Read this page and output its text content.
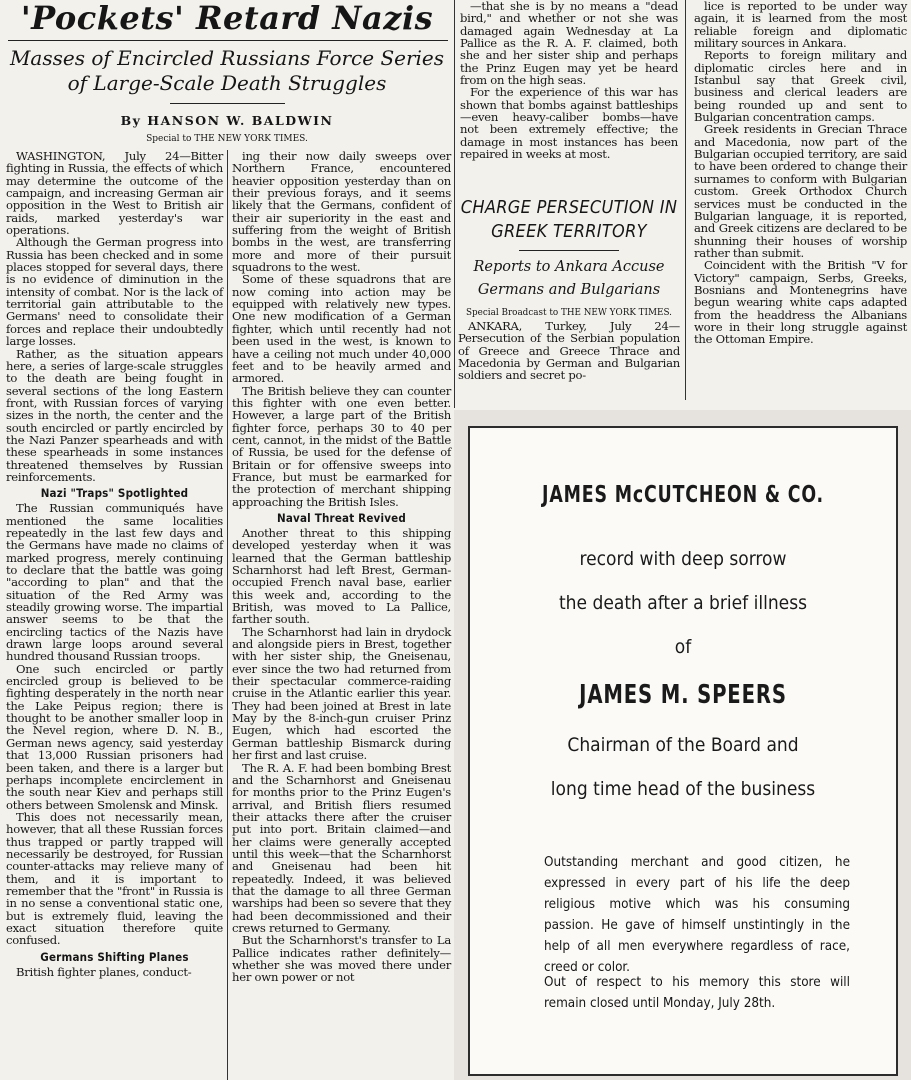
'Pockets' Retard Nazis
Masses of Encircled Russians Force Series of Large-Scale Death Struggles
By HANSON W. BALDWIN
Special to THE NEW YORK TIMES.

WASHINGTON, July 24—Bitter fighting in Russia, the effects of which may determine the outcome of the campaign, and increasing German air opposition in the West to British air raids, marked yesterday's war operations.

Although the German progress into Russia has been checked and in some places stopped for several days, there is no evidence of diminution in the intensity of combat. Nor is the lack of territorial gain attributable to the Germans' need to consolidate their forces and replace their undoubtedly large losses.

Rather, as the situation appears here, a series of large-scale struggles to the death are being fought in several sections of the long Eastern front, with Russian forces of varying sizes in the north, the center and the south encircled or partly encircled by the Nazi Panzer spearheads and with these spearheads in some instances threatened themselves by Russian reinforcements.

Nazi "Traps" Spotlighted

The Russian communiqués have mentioned the same localities repeatedly in the last few days and the Germans have made no claims of marked progress, merely continuing to declare that the battle was going "according to plan" and that the situation of the Red Army was steadily growing worse. The impartial answer seems to be that the encircling tactics of the Nazis have drawn large loops around several hundred thousand Russian troops.

One such encircled or partly encircled group is believed to be fighting desperately in the north near the Lake Peipus region; there is thought to be another smaller loop in the Nevel region, where D. N. B., German news agency, said yesterday that 13,000 Russian prisoners had been taken, and there is a larger but perhaps incomplete encirclement in the south near Kiev and perhaps still others between Smolensk and Minsk.

This does not necessarily mean, however, that all these Russian forces thus trapped or partly trapped will necessarily be destroyed, for Russian counter-attacks may relieve many of them, and it is important to remember that the "front" in Russia is in no sense a conventional static one, but is extremely fluid, leaving the exact situation therefore quite confused.

Germans Shifting Planes

British fighter planes, conduct-

ing their now daily sweeps over Northern France, encountered heavier opposition yesterday than on their previous forays, and it seems likely that the Germans, confident of their air superiority in the east and suffering from the weight of British bombs in the west, are transferring more and more of their pursuit squadrons to the west.

Some of these squadrons that are now coming into action may be equipped with relatively new types. One new modification of a German fighter, which until recently had not been used in the west, is known to have a ceiling not much under 40,000 feet and to be heavily armed and armored.

The British believe they can counter this fighter with one even better. However, a large part of the British fighter force, perhaps 30 to 40 per cent, cannot, in the midst of the Battle of Russia, be used for the defense of Britain or for offensive sweeps into France, but must be earmarked for the protection of merchant shipping approaching the British Isles.

Naval Threat Revived

Another threat to this shipping developed yesterday when it was learned that the German battleship Scharnhorst had left Brest, German-occupied French naval base, earlier this week and, according to the British, was moved to La Pallice, farther south.

The Scharnhorst had lain in drydock and alongside piers in Brest, together with her sister ship, the Gneisenau, ever since the two had returned from their spectacular commerce-raiding cruise in the Atlantic earlier this year. They had been joined at Brest in late May by the 8-inch-gun cruiser Prinz Eugen, which had escorted the German battleship Bismarck during her first and last cruise.

The R. A. F. had been bombing Brest and the Scharnhorst and Gneisenau for months prior to the Prinz Eugen's arrival, and British fliers resumed their attacks there after the cruiser put into port. Britain claimed—and her claims were generally accepted until this week—that the Scharnhorst and Gneisenau had been hit repeatedly. Indeed, it was believed that the damage to all three German warships had been so severe that they had been decommissioned and their crews returned to Germany.

But the Scharnhorst's transfer to La Pallice indicates rather definitely—whether she was moved there under her own power or not

—that she is by no means a "dead bird," and whether or not she was damaged again Wednesday at La Pallice as the R. A. F. claimed, both she and her sister ship and perhaps the Prinz Eugen may yet be heard from on the high seas.

For the experience of this war has shown that bombs against battleships—even heavy-caliber bombs—have not been extremely effective; the damage in most instances has been repaired in weeks at most.

CHARGE PERSECUTION IN GREEK TERRITORY
Reports to Ankara Accuse Germans and Bulgarians
Special Broadcast to THE NEW YORK TIMES.

ANKARA, Turkey, July 24—Persecution of the Serbian population of Greece and Greece Thrace and Macedonia by German and Bulgarian soldiers and secret po-

lice is reported to be under way again, it is learned from the most reliable foreign and diplomatic military sources in Ankara.

Reports to foreign military and diplomatic circles here and in Istanbul say that Greek civil, business and clerical leaders are being rounded up and sent to Bulgarian concentration camps.

Greek residents in Grecian Thrace and Macedonia, now part of the Bulgarian occupied territory, are said to have been ordered to change their surnames to conform with Bulgarian custom. Greek Orthodox Church services must be conducted in the Bulgarian language, it is reported, and Greek citizens are declared to be shunning their houses of worship rather than submit.

Coincident with the British "V for Victory" campaign, Serbs, Greeks, Bosnians and Montenegrins have begun wearing white caps adapted from the headdress the Albanians wore in their long struggle against the Ottoman Empire.

JAMES McCUTCHEON & CO.
record with deep sorrow
the death after a brief illness
of
JAMES M. SPEERS
Chairman of the Board and
long time head of the business
Outstanding merchant and good citizen, he expressed in every part of his life the deep religious motive which was his consuming passion. He gave of himself unstintingly in the help of all men everywhere regardless of race, creed or color.
Out of respect to his memory this store will remain closed until Monday, July 28th.
